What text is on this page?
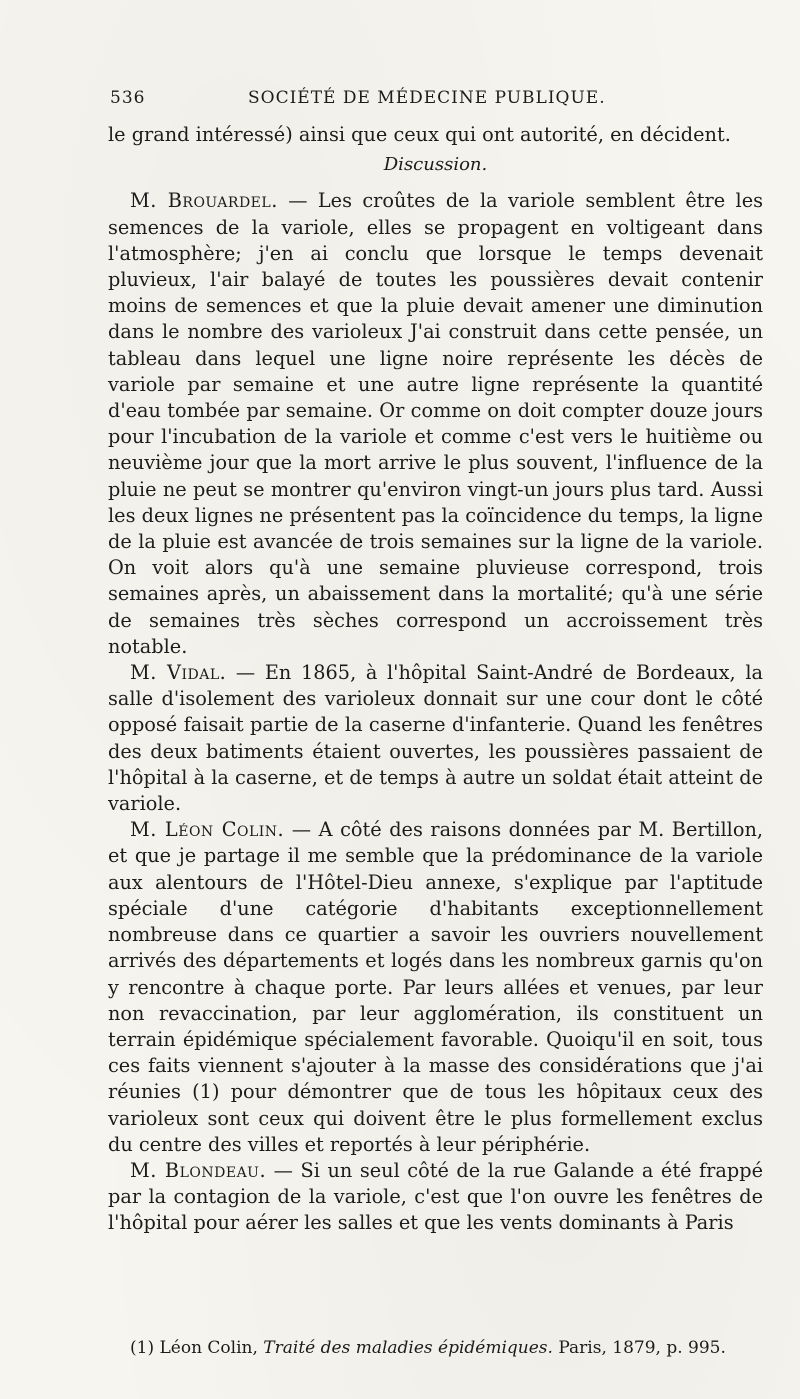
536	SOCIÉTÉ DE MÉDECINE PUBLIQUE.

le grand intéressé) ainsi que ceux qui ont autorité, en décident.

Discussion.

M. Brouardel. — Les croûtes de la variole semblent être les semences de la variole, elles se propagent en voltigeant dans l'atmosphère; j'en ai conclu que lorsque le temps devenait pluvieux, l'air balayé de toutes les poussières devait contenir moins de semences et que la pluie devait amener une diminution dans le nombre des varioleux J'ai construit dans cette pensée, un tableau dans lequel une ligne noire représente les décès de variole par semaine et une autre ligne représente la quantité d'eau tombée par semaine. Or comme on doit compter douze jours pour l'incubation de la variole et comme c'est vers le huitième ou neuvième jour que la mort arrive le plus souvent, l'influence de la pluie ne peut se montrer qu'environ vingt-un jours plus tard. Aussi les deux lignes ne présentent pas la coïncidence du temps, la ligne de la pluie est avancée de trois semaines sur la ligne de la variole. On voit alors qu'à une semaine pluvieuse correspond, trois semaines après, un abaissement dans la mortalité; qu'à une série de semaines très sèches correspond un accroissement très notable.

M. Vidal. — En 1865, à l'hôpital Saint-André de Bordeaux, la salle d'isolement des varioleux donnait sur une cour dont le côté opposé faisait partie de la caserne d'infanterie. Quand les fenêtres des deux batiments étaient ouvertes, les poussières passaient de l'hôpital à la caserne, et de temps à autre un soldat était atteint de variole.

M. Léon Colin. — A côté des raisons données par M. Bertillon, et que je partage il me semble que la prédominance de la variole aux alentours de l'Hôtel-Dieu annexe, s'explique par l'aptitude spéciale d'une catégorie d'habitants exceptionnellement nombreuse dans ce quartier a savoir les ouvriers nouvellement arrivés des départements et logés dans les nombreux garnis qu'on y rencontre à chaque porte. Par leurs allées et venues, par leur non revaccination, par leur agglomération, ils constituent un terrain épidémique spécialement favorable. Quoiqu'il en soit, tous ces faits viennent s'ajouter à la masse des considérations que j'ai réunies (1) pour démontrer que de tous les hôpitaux ceux des varioleux sont ceux qui doivent être le plus formellement exclus du centre des villes et reportés à leur périphérie.

M. Blondeau. — Si un seul côté de la rue Galande a été frappé par la contagion de la variole, c'est que l'on ouvre les fenêtres de l'hôpital pour aérer les salles et que les vents dominants à Paris

(1) Léon Colin, Traité des maladies épidémiques. Paris, 1879, p. 995.
